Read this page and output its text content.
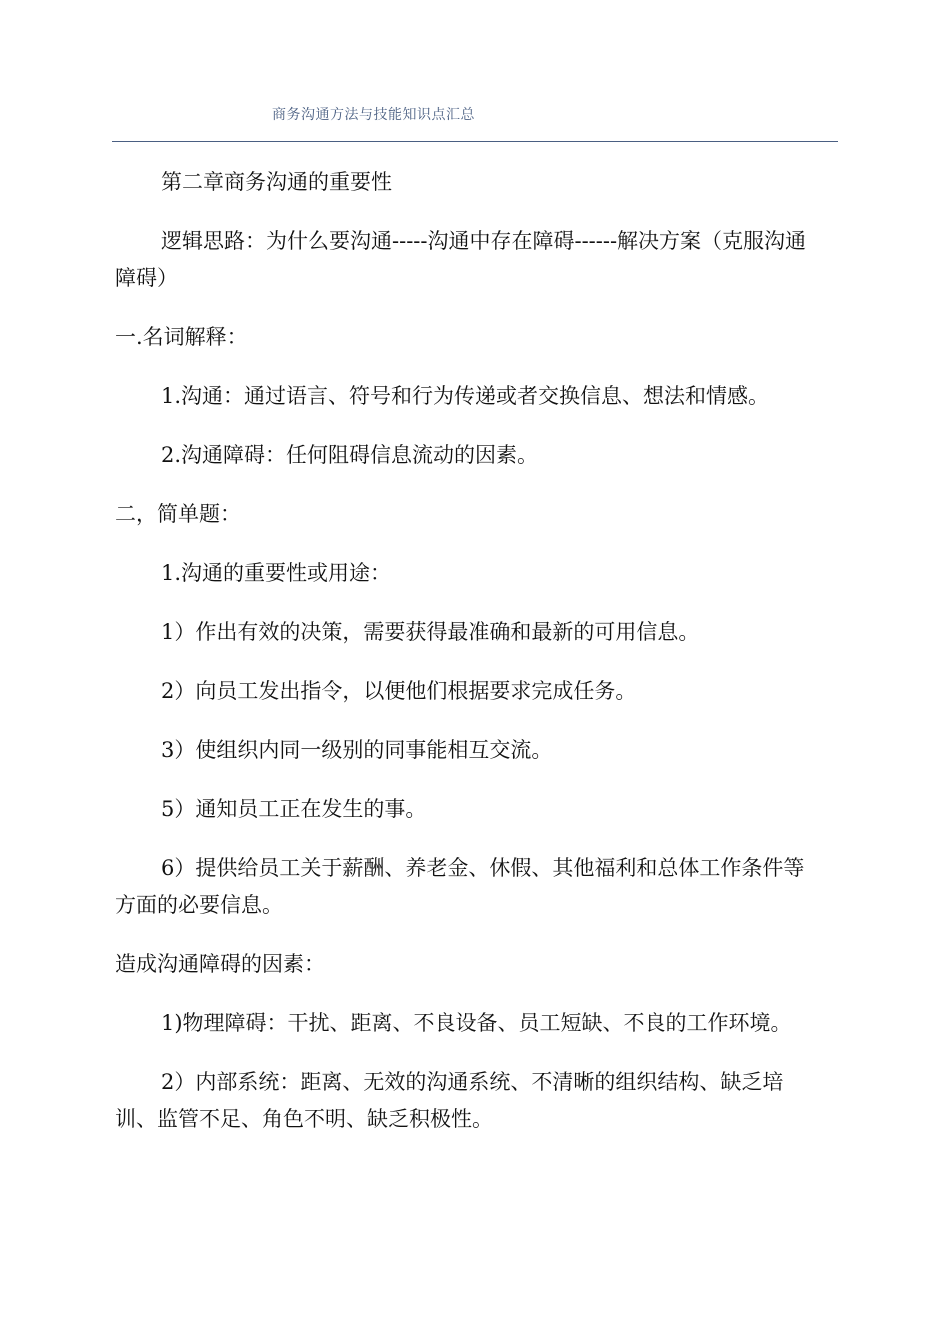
商务沟通方法与技能知识点汇总

第二章商务沟通的重要性

逻辑思路：为什么要沟通-----沟通中存在障碍------解决方案（克服沟通障碍）

一.名词解释：

1.沟通：通过语言、符号和行为传递或者交换信息、想法和情感。

2.沟通障碍：任何阻碍信息流动的因素。

二，简单题：

1.沟通的重要性或用途：

1）作出有效的决策，需要获得最准确和最新的可用信息。

2）向员工发出指令，以便他们根据要求完成任务。

3）使组织内同一级别的同事能相互交流。

5）通知员工正在发生的事。

6）提供给员工关于薪酬、养老金、休假、其他福利和总体工作条件等方面的必要信息。

造成沟通障碍的因素：

1)物理障碍：干扰、距离、不良设备、员工短缺、不良的工作环境。

2）内部系统：距离、无效的沟通系统、不清晰的组织结构、缺乏培训、监管不足、角色不明、缺乏积极性。
